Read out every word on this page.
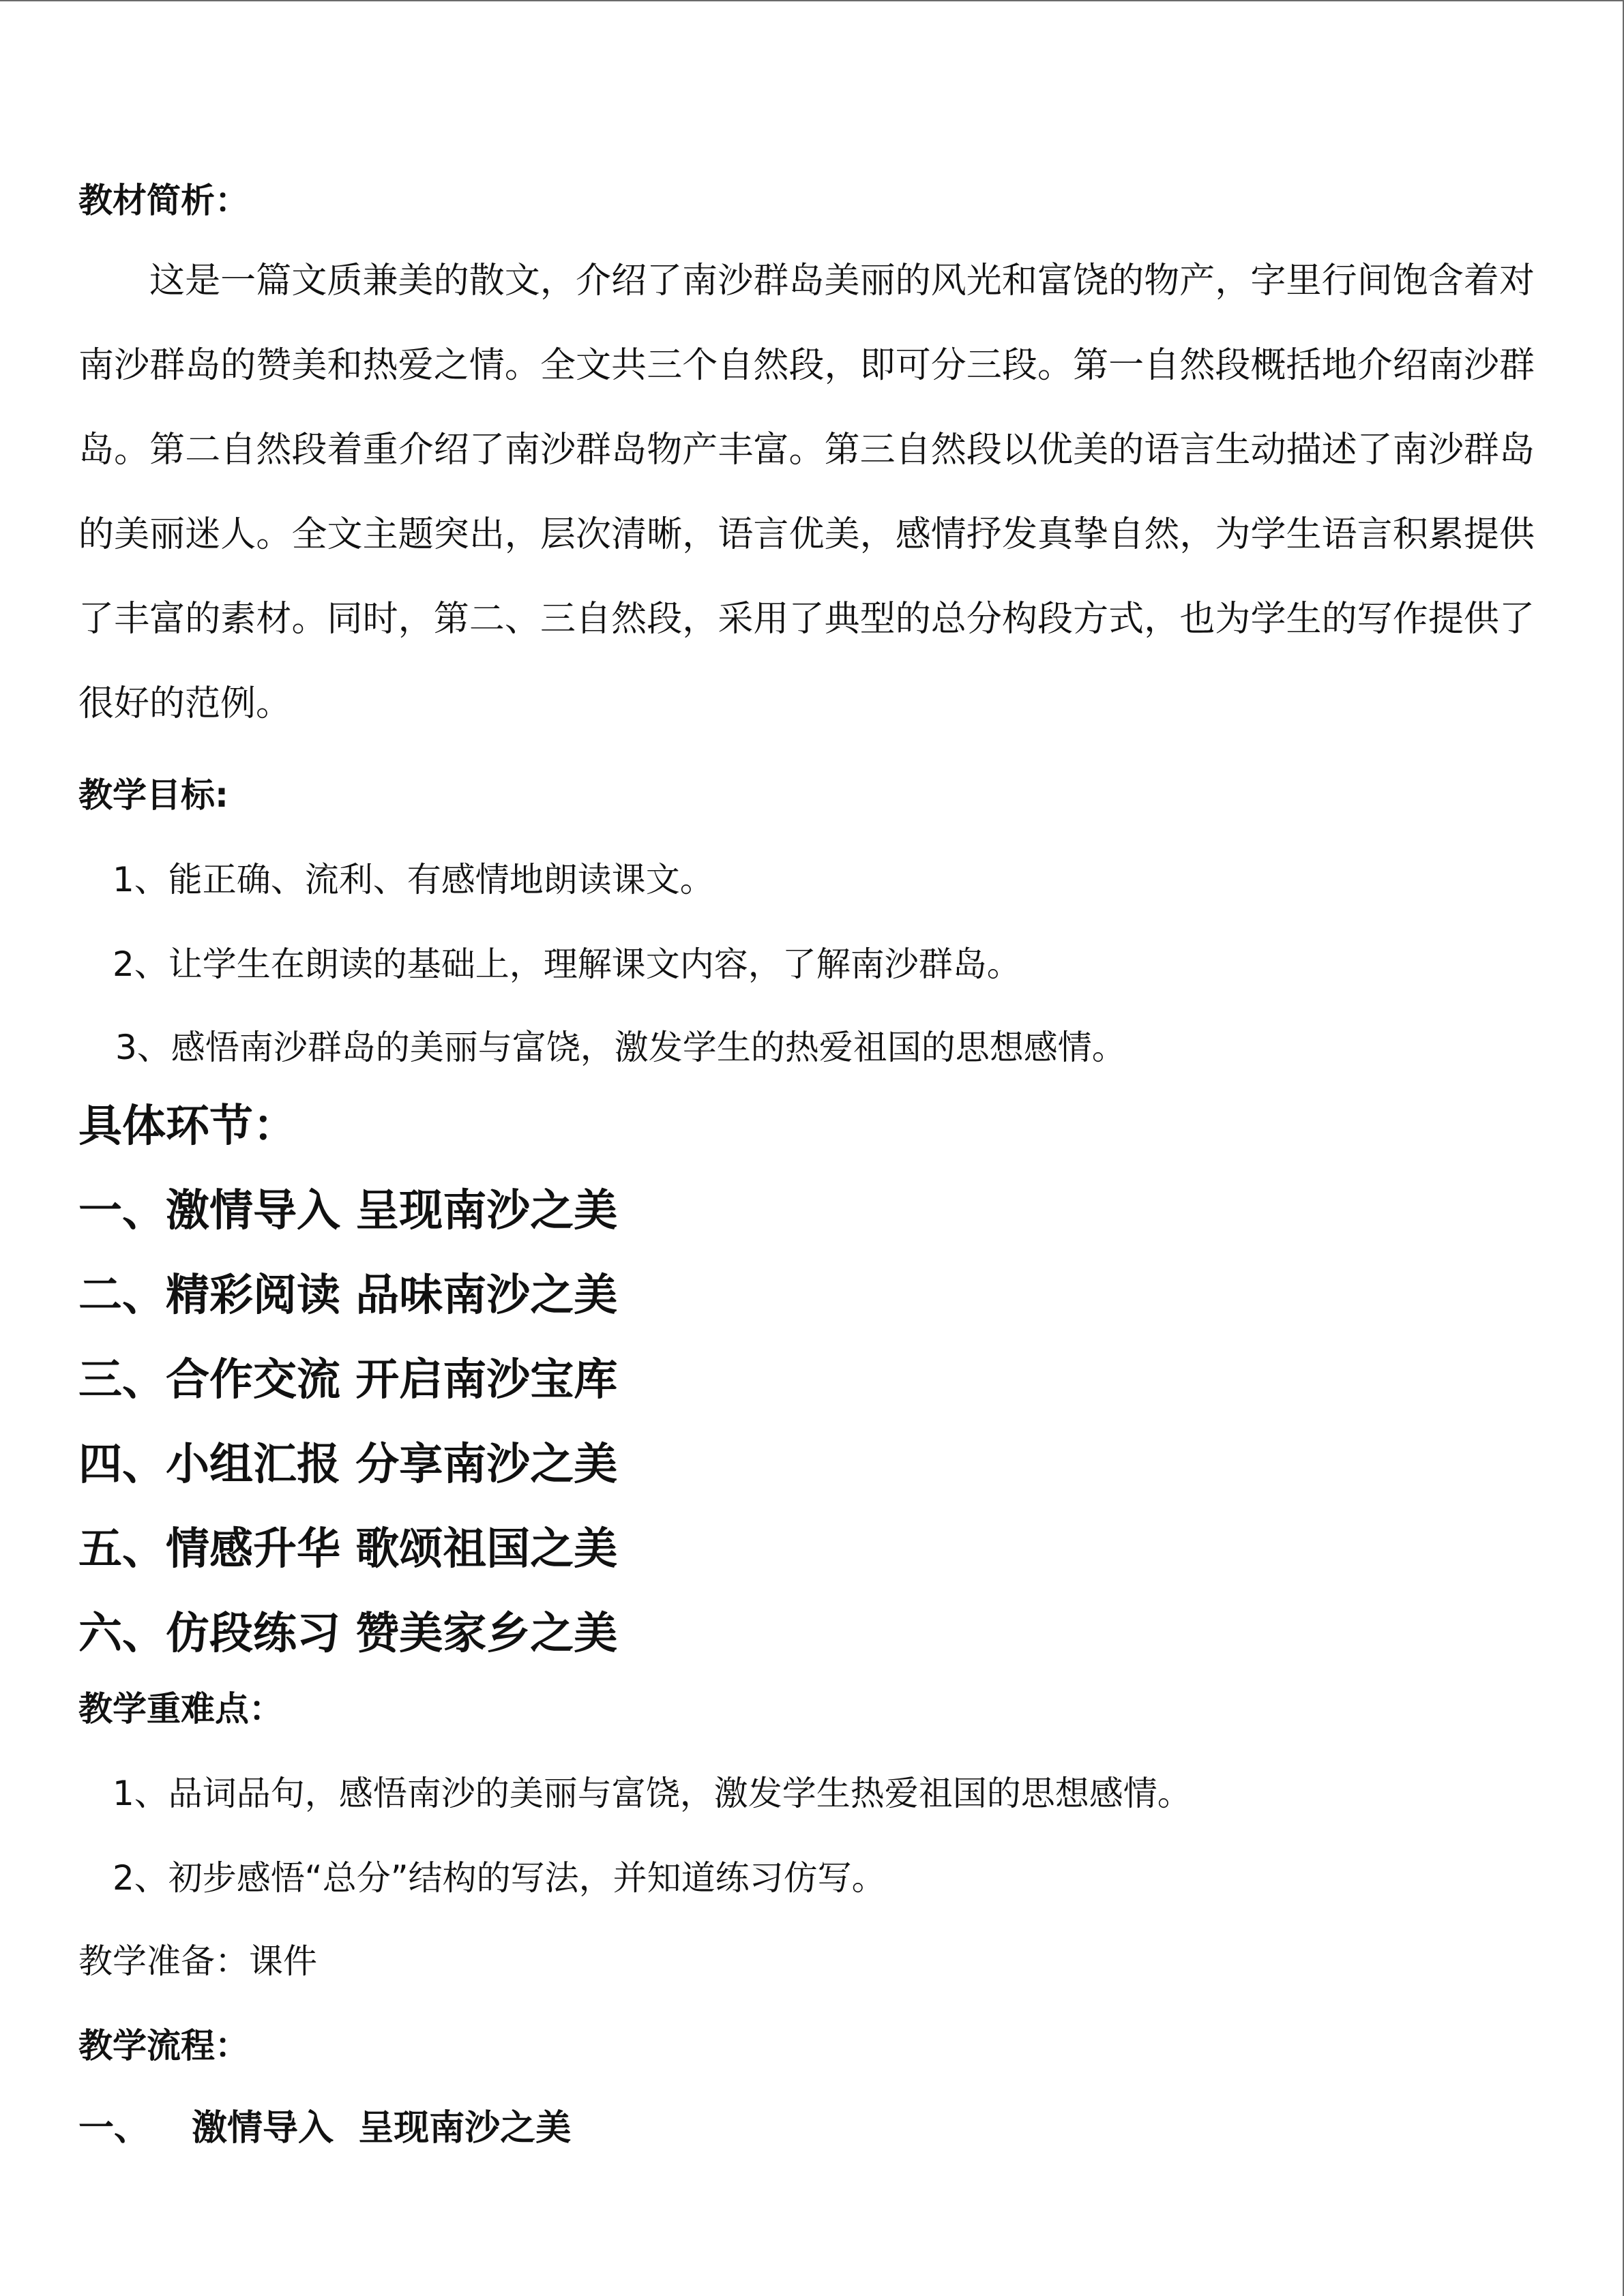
教材简析：

这是一篇文质兼美的散文，介绍了南沙群岛美丽的风光和富饶的物产，字里行间饱含着对南沙群岛的赞美和热爱之情。全文共三个自然段，即可分三段。第一自然段概括地介绍南沙群岛。第二自然段着重介绍了南沙群岛物产丰富。第三自然段以优美的语言生动描述了南沙群岛的美丽迷人。全文主题突出，层次清晰，语言优美，感情抒发真挚自然，为学生语言积累提供了丰富的素材。同时，第二、三自然段，采用了典型的总分构段方式，也为学生的写作提供了很好的范例。

教学目标:

1、能正确、流利、有感情地朗读课文。

2、让学生在朗读的基础上，理解课文内容，了解南沙群岛。

3、感悟南沙群岛的美丽与富饶，激发学生的热爱祖国的思想感情。

具体环节：

一、激情导入 呈现南沙之美

二、精彩阅读 品味南沙之美

三、合作交流 开启南沙宝库

四、小组汇报 分享南沙之美

五、情感升华 歌颂祖国之美

六、仿段练习 赞美家乡之美

教学重难点：

1、品词品句，感悟南沙的美丽与富饶，激发学生热爱祖国的思想感情。

2、初步感悟“总分”结构的写法，并知道练习仿写。

教学准备：课件

教学流程：

一、 激情导入  呈现南沙之美
